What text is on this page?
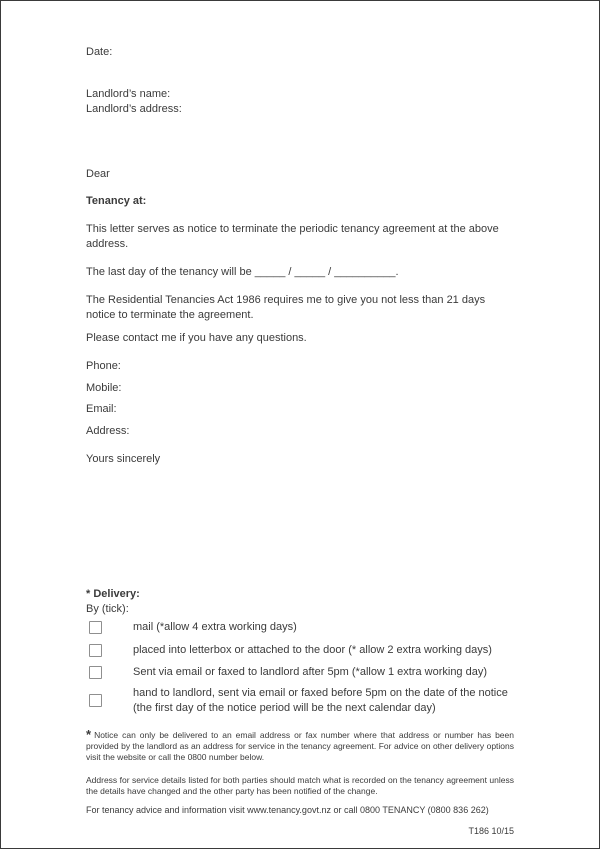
Date:
Landlord’s name:
Landlord’s address:
Dear
Tenancy at:
This letter serves as notice to terminate the periodic tenancy agreement at the above address.
The last day of the tenancy will be _____ / _____ / __________.
The Residential Tenancies Act 1986 requires me to give you not less than 21 days notice to terminate the agreement.
Please contact me if you have any questions.
Phone:
Mobile:
Email:
Address:
Yours sincerely
* Delivery:
By (tick):
mail (*allow 4 extra working days)
placed into letterbox or attached to the door (* allow 2 extra working days)
Sent via email or faxed to landlord after 5pm (*allow 1 extra working day)
hand to landlord, sent via email or faxed before 5pm on the date of the notice
(the first day of the notice period will be the next calendar day)
* Notice can only be delivered to an email address or fax number where that address or number has been provided by the landlord as an address for service in the tenancy agreement. For advice on other delivery options visit the website or call the 0800 number below.
Address for service details listed for both parties should match what is recorded on the tenancy agreement unless the details have changed and the other party has been notified of the change.
For tenancy advice and information visit www.tenancy.govt.nz or call 0800 TENANCY (0800 836 262)
T186 10/15
